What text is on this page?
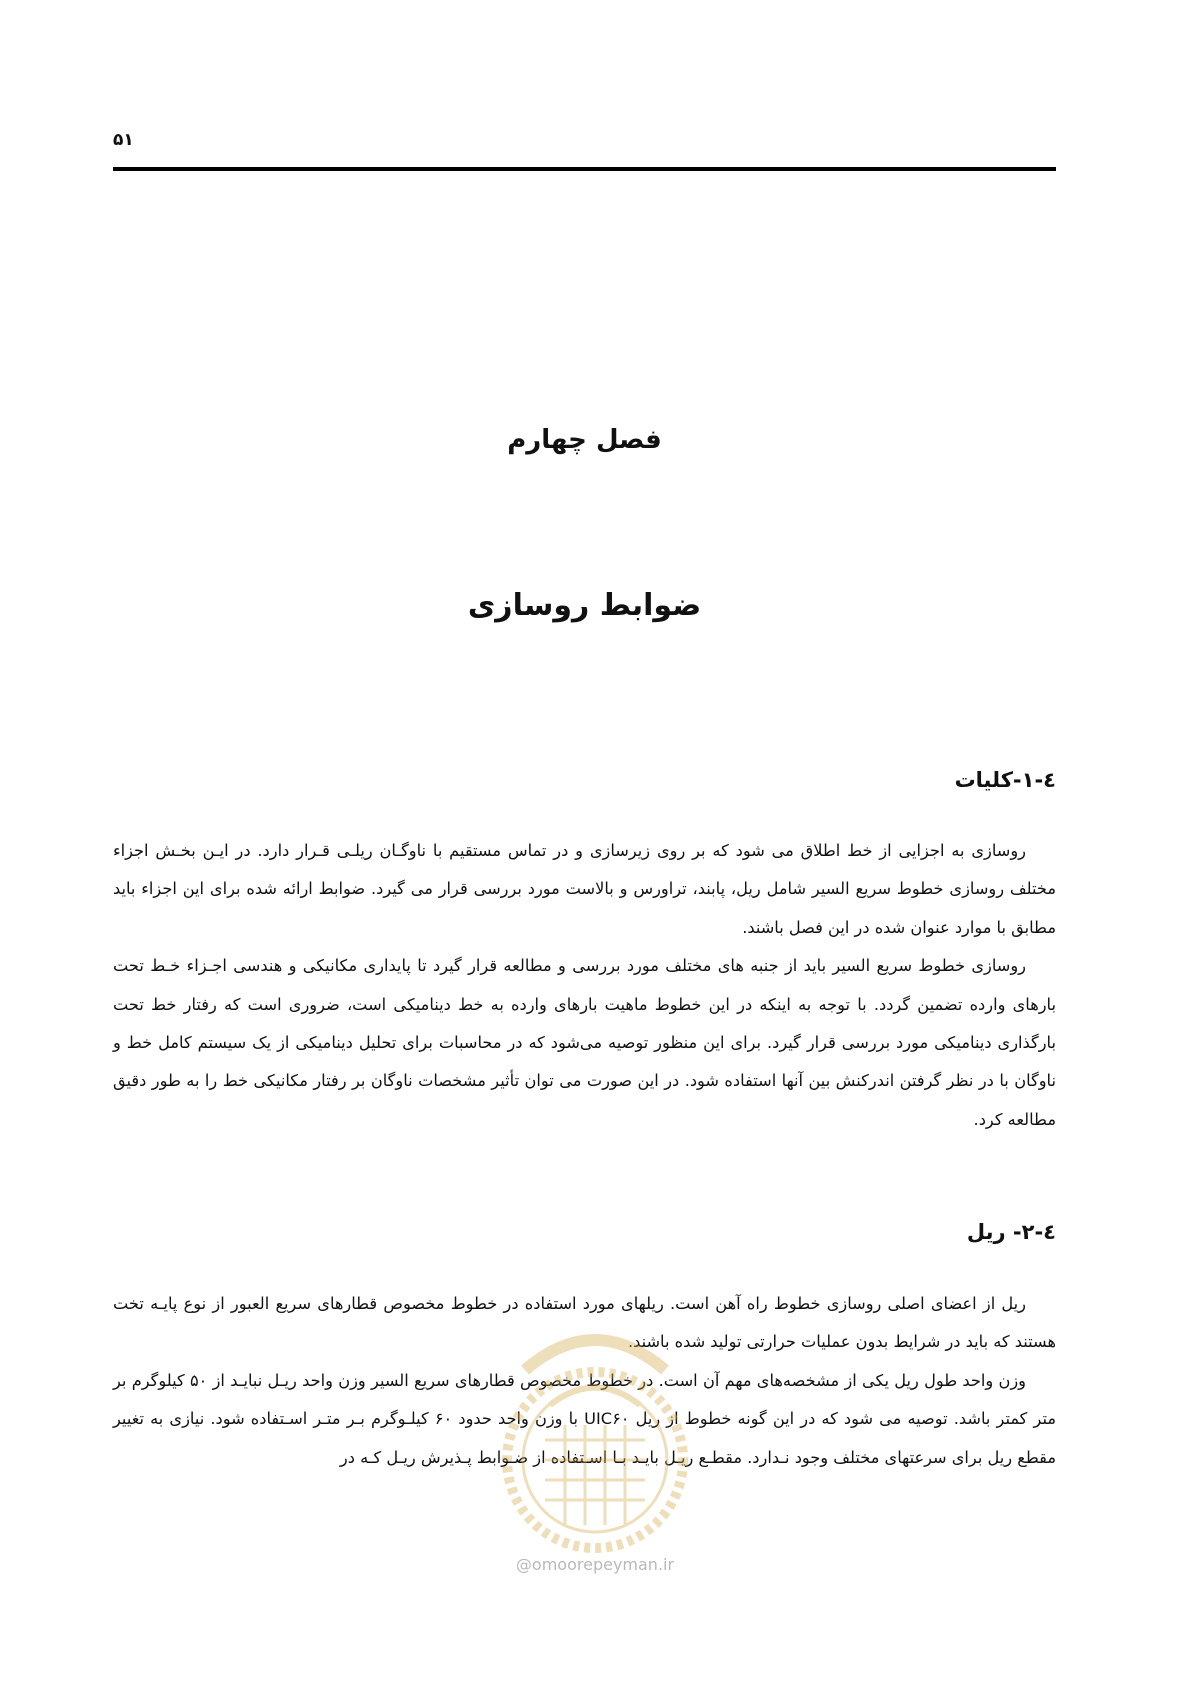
۵۱
فصل چهارم
ضوابط روسازی
٤-۱-کلیات

روسازی به اجزایی از خط اطلاق می شود که بر روی زیرسازی و در تماس مستقیم با ناوگـان ریلـی قـرار دارد. در ایـن بخـش اجزاء مختلف روسازی خطوط سریع السیر شامل ریل، پابند، تراورس و بالاست مورد بررسی قرار می گیرد. ضوابط ارائه شده برای این اجزاء باید مطابق با موارد عنوان شده در این فصل باشند.

روسازی خطوط سریع السیر باید از جنبه های مختلف مورد بررسی و مطالعه قرار گیرد تا پایداری مکانیکی و هندسی اجـزاء خـط تحت بارهای وارده تضمین گردد. با توجه به اینکه در این خطوط ماهیت بارهای وارده به خط دینامیکی است، ضروری است که رفتار خط تحت بارگذاری دینامیکی مورد بررسی قرار گیرد. برای این منظور توصیه می‌شود که در محاسبات برای تحلیل دینامیکی از یک سیستم کامل خط و ناوگان با در نظر گرفتن اندرکنش بین آنها استفاده شود. در این صورت می توان تأثیر مشخصات ناوگان بر رفتار مکانیکی خط را به طور دقیق مطالعه کرد.

٤-۲- ریل

ریل از اعضای اصلی روسازی خطوط راه آهن است. ریلهای مورد استفاده در خطوط مخصوص قطارهای سریع العبور از نوع پایـه تخت هستند که باید در شرایط بدون عملیات حرارتی تولید شده باشند.

وزن واحد طول ریل یکی از مشخصه‌های مهم آن است. در خطوط مخصوص قطارهای سریع السیر وزن واحد ریـل نبایـد از ۵۰ کیلوگرم بر متر کمتر باشد. توصیه می شود که در این گونه خطوط از ریل UIC۶۰ با وزن واحد حدود ۶۰ کیلـوگرم بـر متـر اسـتفاده شود. نیازی به تغییر مقطع ریل برای سرعتهای مختلف وجود نـدارد. مقطـع ریـل بایـد بـا اسـتفاده از ضـوابط پـذیرش ریـل کـه در

@omoorepeyman.ir
